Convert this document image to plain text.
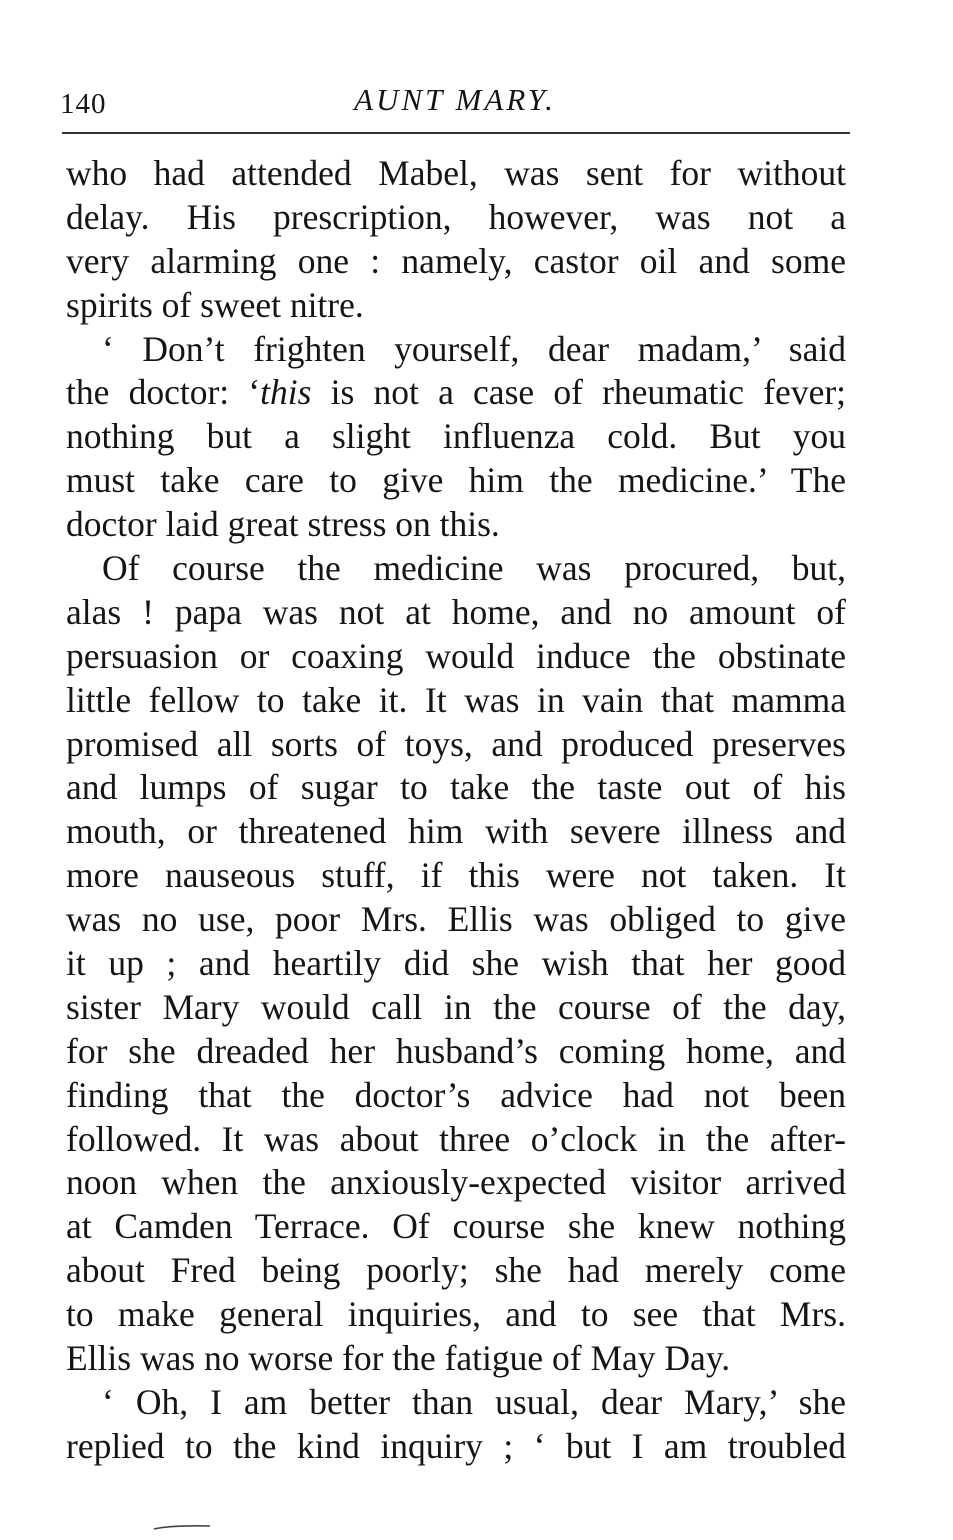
140	AUNT MARY.
who had attended Mabel, was sent for without
delay. His prescription, however, was not a
very alarming one : namely, castor oil and some
spirits of sweet nitre.
‘ Don’t frighten yourself, dear madam,’ said
the doctor: ‘this is not a case of rheumatic fever;
nothing but a slight influenza cold. But you
must take care to give him the medicine.’ The
doctor laid great stress on this.
Of course the medicine was procured, but,
alas ! papa was not at home, and no amount of
persuasion or coaxing would induce the obstinate
little fellow to take it. It was in vain that mamma
promised all sorts of toys, and produced preserves
and lumps of sugar to take the taste out of his
mouth, or threatened him with severe illness and
more nauseous stuff, if this were not taken. It
was no use, poor Mrs. Ellis was obliged to give
it up ; and heartily did she wish that her good
sister Mary would call in the course of the day,
for she dreaded her husband’s coming home, and
finding that the doctor’s advice had not been
followed. It was about three o’clock in the after-
noon when the anxiously-expected visitor arrived
at Camden Terrace. Of course she knew nothing
about Fred being poorly; she had merely come
to make general inquiries, and to see that Mrs.
Ellis was no worse for the fatigue of May Day.
‘ Oh, I am better than usual, dear Mary,’ she
replied to the kind inquiry ; ‘ but I am troubled
